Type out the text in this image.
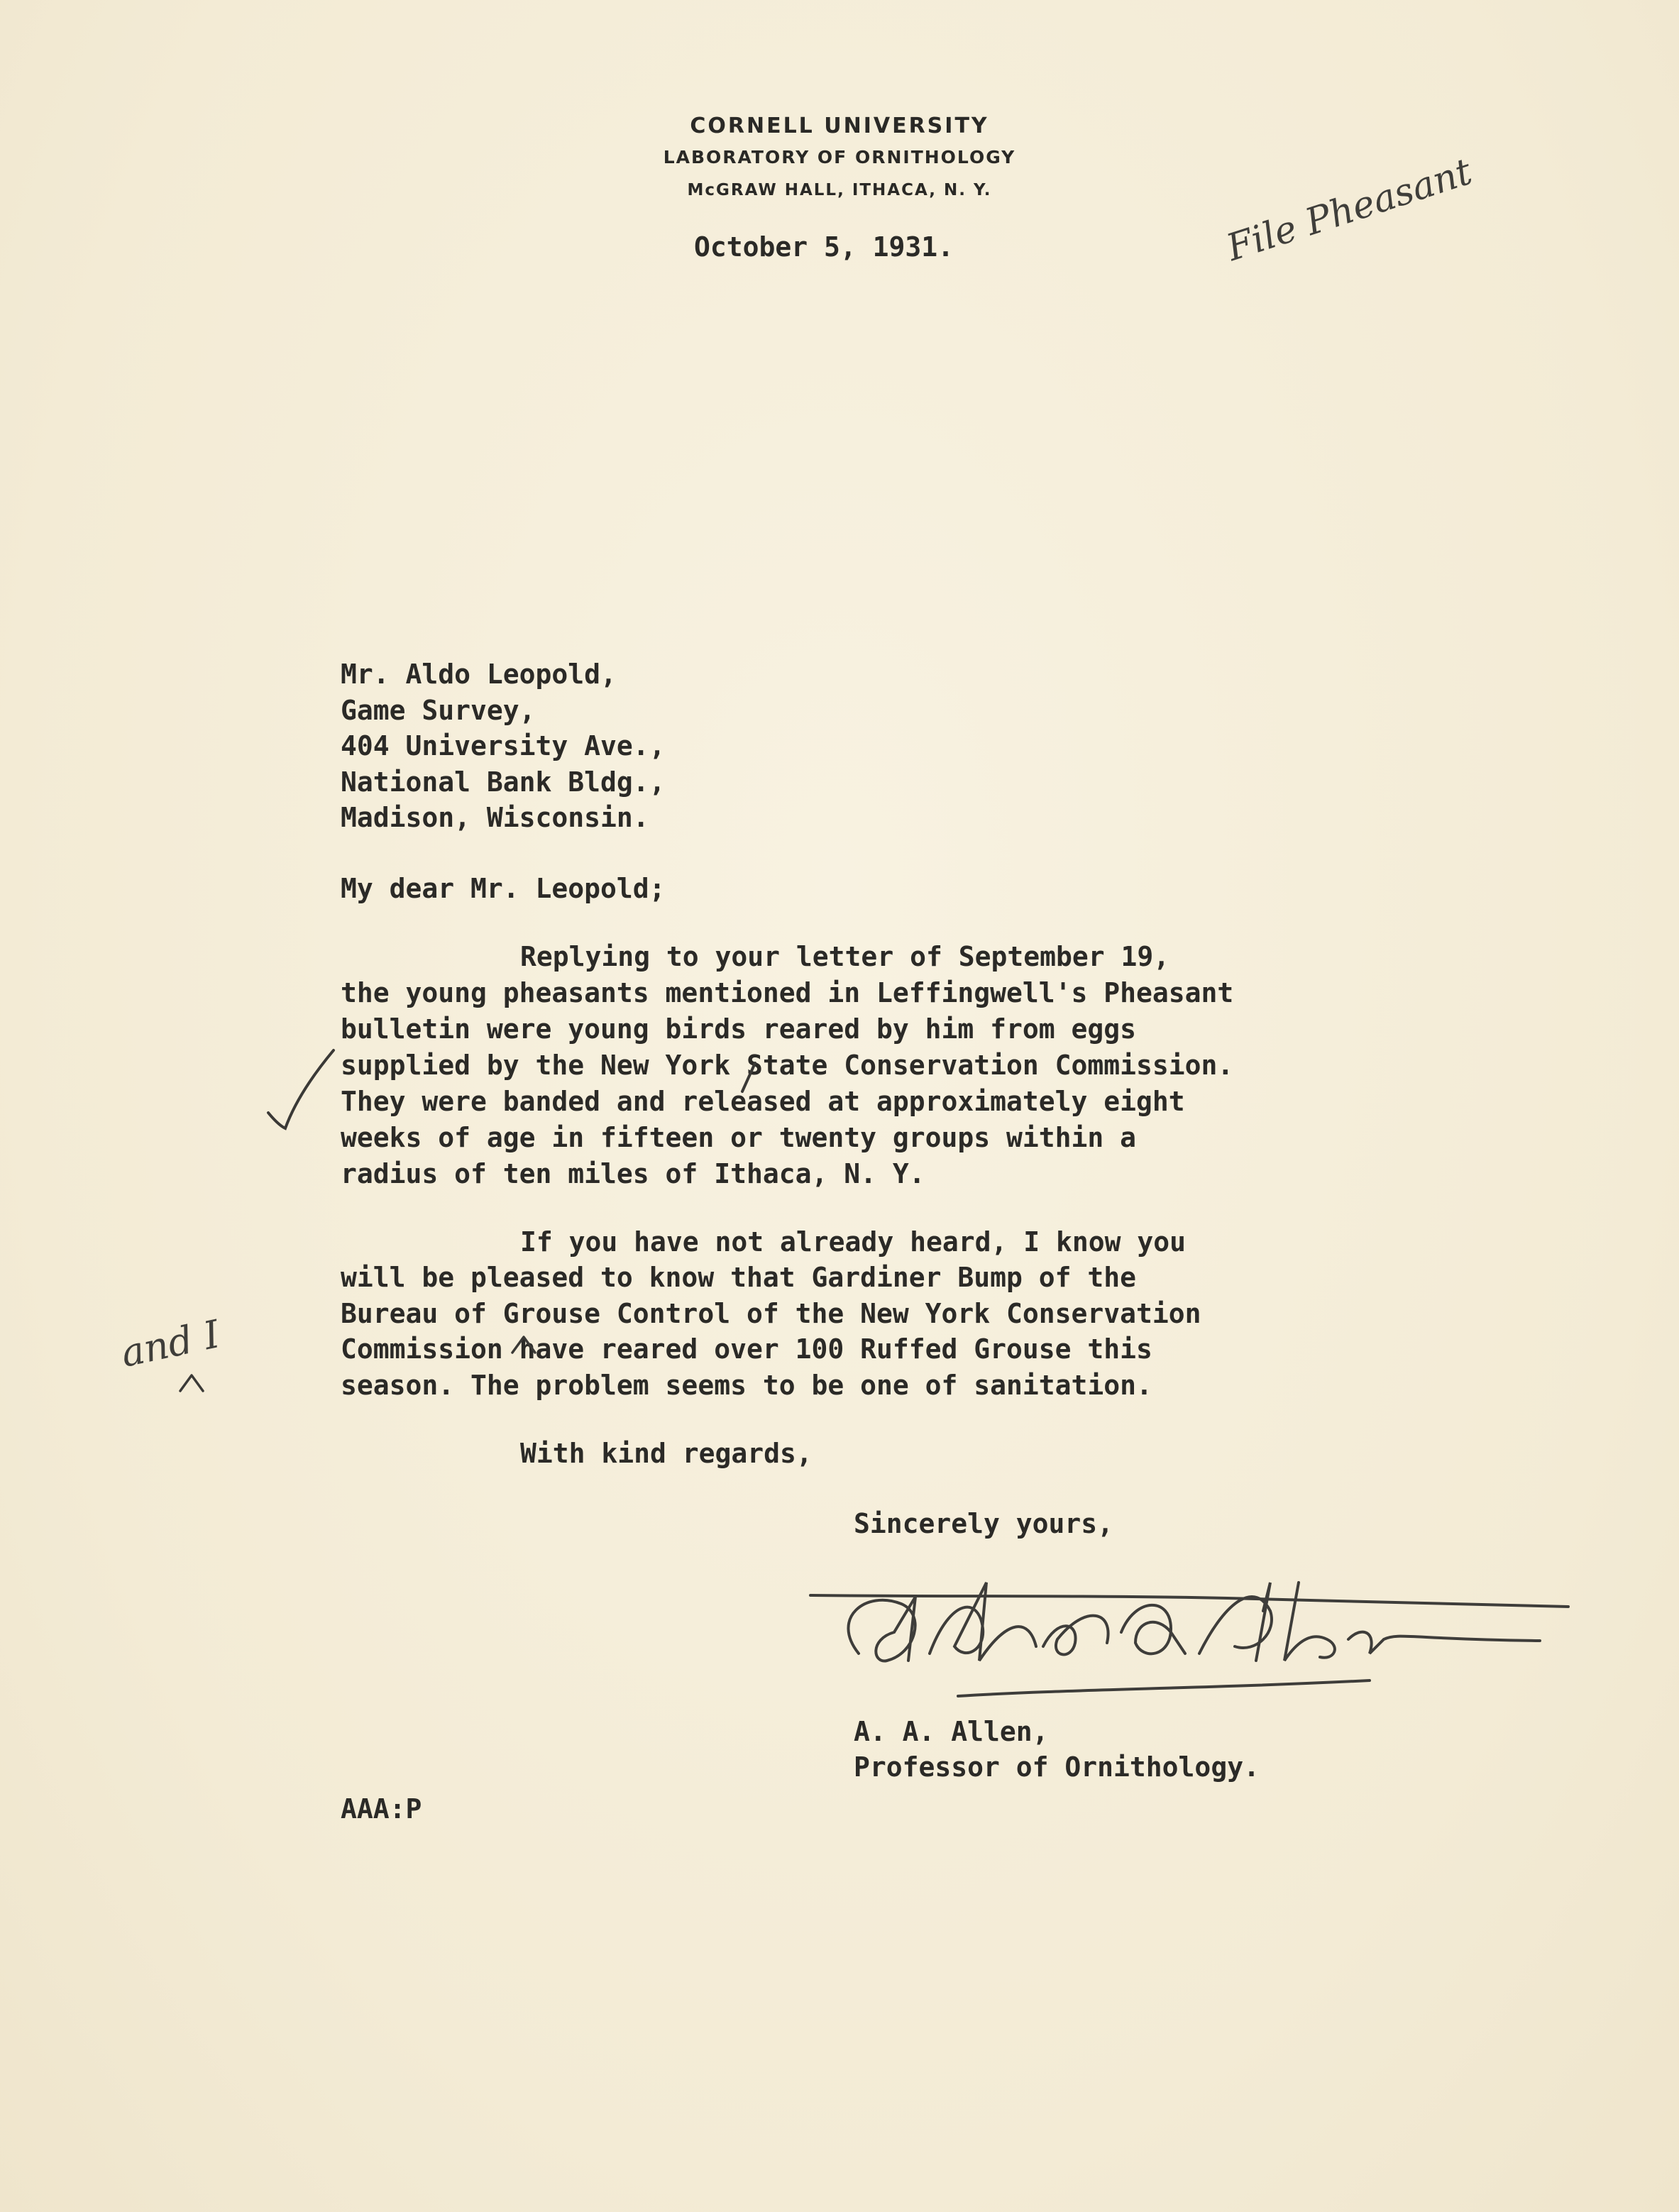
CORNELL UNIVERSITY
LABORATORY OF ORNITHOLOGY
McGRAW HALL, ITHACA, N. Y.
October 5, 1931.	File Pheasant
Mr. Aldo Leopold,
Game Survey,
404 University Ave.,
National Bank Bldg.,
Madison, Wisconsin.
My dear Mr. Leopold;
Replying to your letter of September 19,
the young pheasants mentioned in Leffingwell's Pheasant
bulletin were young birds reared by him from eggs
supplied by the New York State Conservation Commission.
They were banded and released at approximately eight
weeks of age in fifteen or twenty groups within a
radius of ten miles of Ithaca, N. Y.
If you have not already heard, I know you
will be pleased to know that Gardiner Bump of the
Bureau of Grouse Control of the New York Conservation
Commission have reared over 100 Ruffed Grouse this
season. The problem seems to be one of sanitation.
and I
With kind regards,
Sincerely yours,
A. A. Allen,
Professor of Ornithology.
AAA:P
